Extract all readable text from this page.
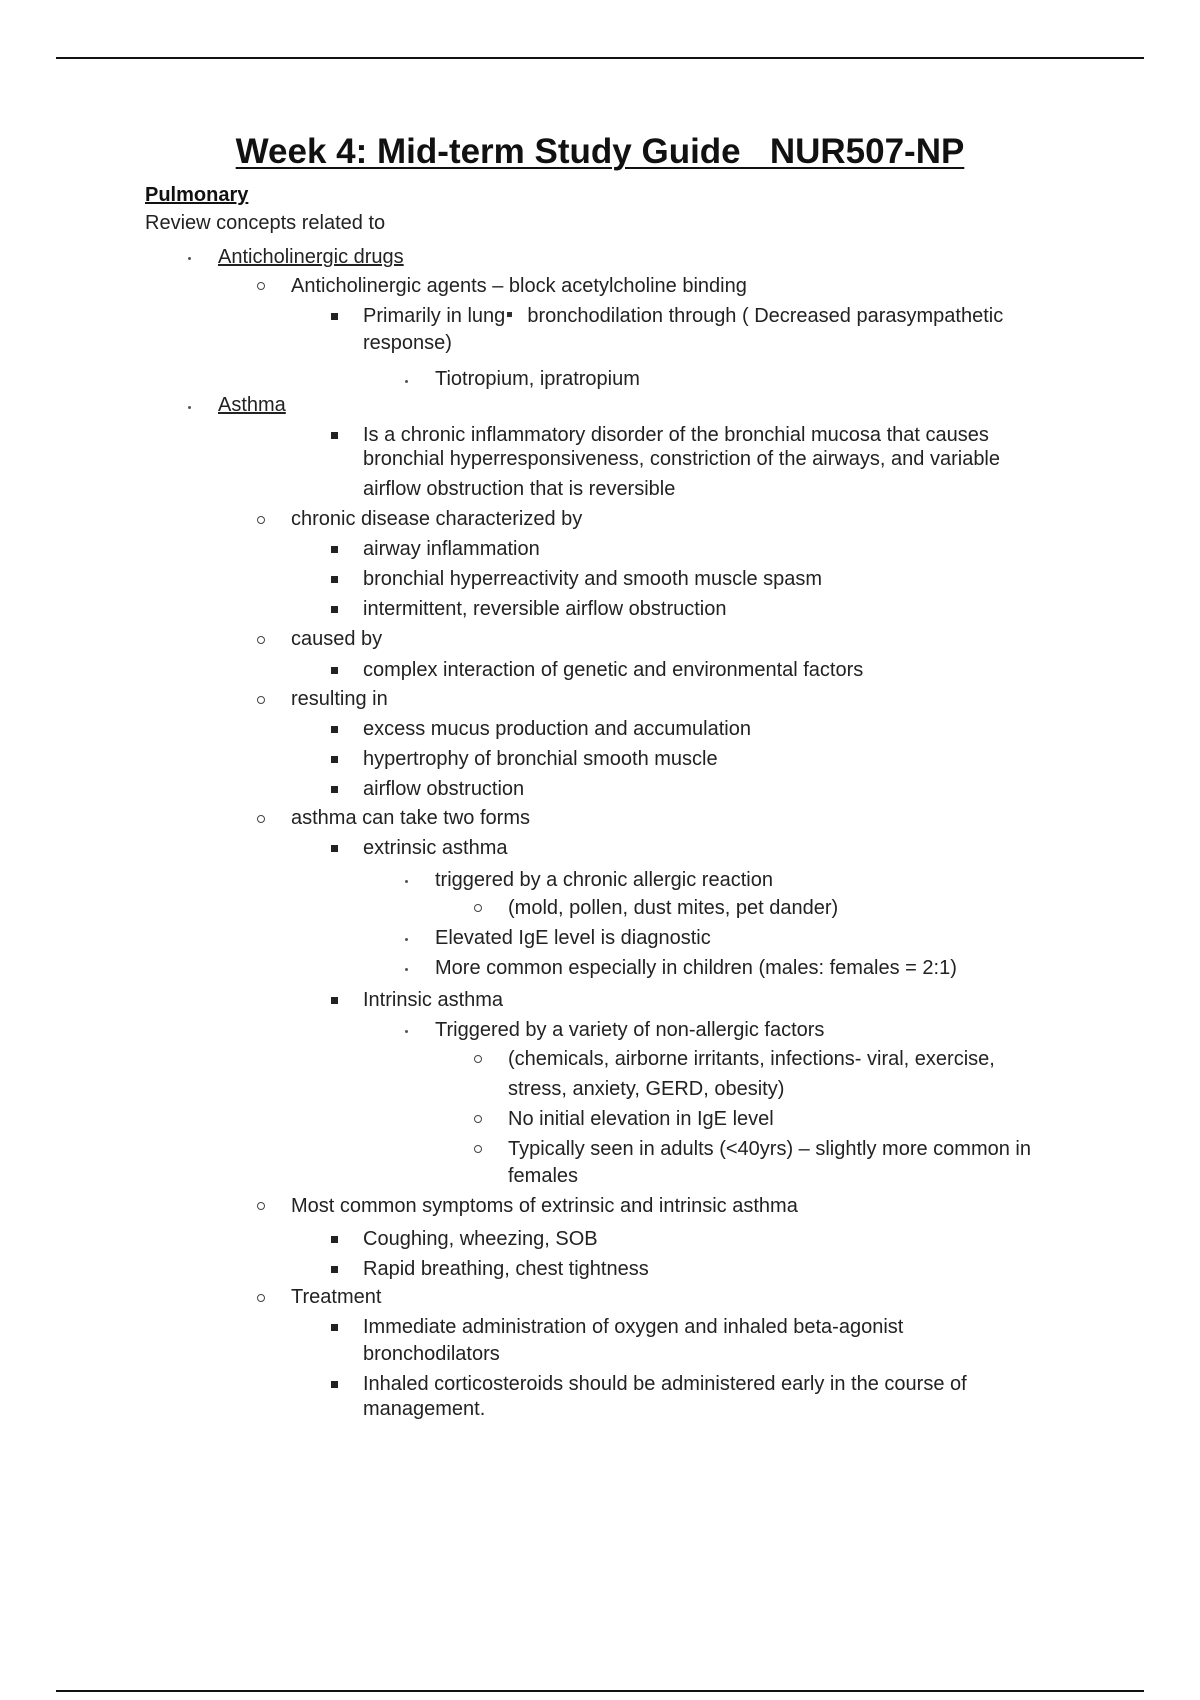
Week 4: Mid-term Study Guide   NUR507-NP
Pulmonary
Review concepts related to
Anticholinergic drugs
Anticholinergic agents – block acetylcholine binding
Primarily in lung bronchodilation through ( Decreased parasympathetic
response)
Tiotropium, ipratropium
Asthma
Is a chronic inflammatory disorder of the bronchial mucosa that causes
bronchial hyperresponsiveness, constriction of the airways, and variable
airflow obstruction that is reversible
chronic disease characterized by
airway inflammation
bronchial hyperreactivity and smooth muscle spasm
intermittent, reversible airflow obstruction
caused by
complex interaction of genetic and environmental factors
resulting in
excess mucus production and accumulation
hypertrophy of bronchial smooth muscle
airflow obstruction
asthma can take two forms
extrinsic asthma
triggered by a chronic allergic reaction
(mold, pollen, dust mites, pet dander)
Elevated IgE level is diagnostic
More common especially in children (males: females = 2:1)
Intrinsic asthma
Triggered by a variety of non-allergic factors
(chemicals, airborne irritants, infections- viral, exercise,
stress, anxiety, GERD, obesity)
No initial elevation in IgE level
Typically seen in adults (<40yrs) – slightly more common in
females
Most common symptoms of extrinsic and intrinsic asthma
Coughing, wheezing, SOB
Rapid breathing, chest tightness
Treatment
Immediate administration of oxygen and inhaled beta-agonist
bronchodilators
Inhaled corticosteroids should be administered early in the course of
management.
